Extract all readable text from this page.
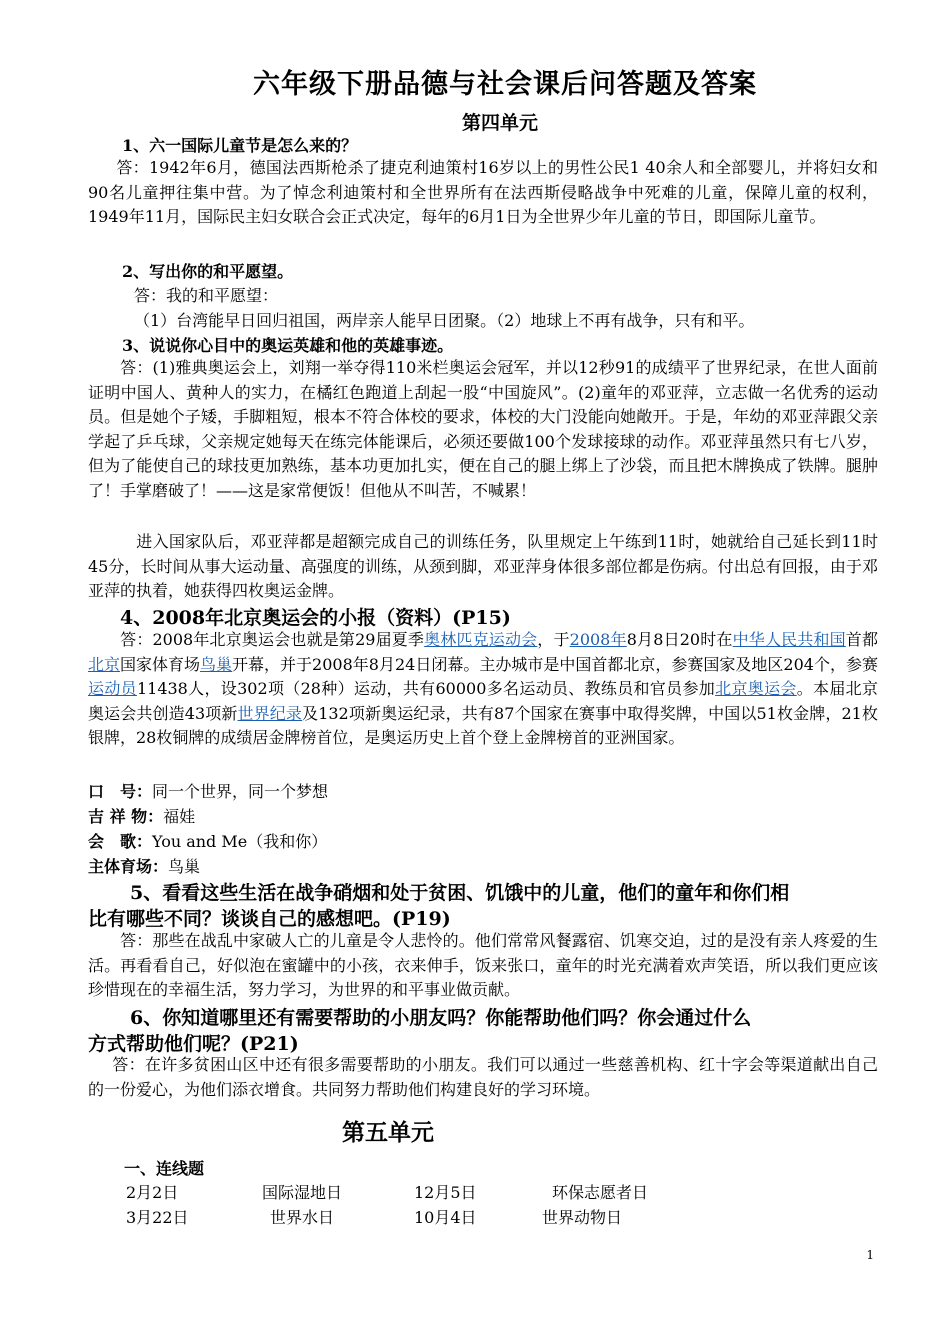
六年级下册品德与社会课后问答题及答案
第四单元
1、六一国际儿童节是怎么来的？
答：1942年6月，德国法西斯枪杀了捷克利迪策村16岁以上的男性公民1 40余人和全部婴儿，并将妇女和90名儿童押往集中营。为了悼念利迪策村和全世界所有在法西斯侵略战争中死难的儿童，保障儿童的权利，1949年11月，国际民主妇女联合会正式决定，每年的6月1日为全世界少年儿童的节日，即国际儿童节。
2、写出你的和平愿望。
答：我的和平愿望：
（1）台湾能早日回归祖国，两岸亲人能早日团聚。（2）地球上不再有战争，只有和平。
3、说说你心目中的奥运英雄和他的英雄事迹。
答：(1)雅典奥运会上，刘翔一举夺得110米栏奥运会冠军，并以12秒91的成绩平了世界纪录，在世人面前证明中国人、黄种人的实力，在橘红色跑道上刮起一股“中国旋风”。(2)童年的邓亚萍，立志做一名优秀的运动员。但是她个子矮，手脚粗短，根本不符合体校的要求，体校的大门没能向她敞开。于是，年幼的邓亚萍跟父亲学起了乒乓球，父亲规定她每天在练完体能课后，必须还要做100个发球接球的动作。邓亚萍虽然只有七八岁，但为了能使自己的球技更加熟练，基本功更加扎实，便在自己的腿上绑上了沙袋，而且把木牌换成了铁牌。腿肿了！手掌磨破了！——这是家常便饭！但他从不叫苦，不喊累！
进入国家队后，邓亚萍都是超额完成自己的训练任务，队里规定上午练到11时，她就给自己延长到11时45分，长时间从事大运动量、高强度的训练，从颈到脚，邓亚萍身体很多部位都是伤病。付出总有回报，由于邓亚萍的执着，她获得四枚奥运金牌。
4、2008年北京奥运会的小报（资料）(P15)
答：2008年北京奥运会也就是第29届夏季奥林匹克运动会，于2008年8月8日20时在中华人民共和国首都北京国家体育场鸟巢开幕，并于2008年8月24日闭幕。主办城市是中国首都北京，参赛国家及地区204个，参赛运动员11438人，设302项（28种）运动，共有60000多名运动员、教练员和官员参加北京奥运会。本届北京奥运会共创造43项新世界纪录及132项新奥运纪录，共有87个国家在赛事中取得奖牌，中国以51枚金牌，21枚银牌，28枚铜牌的成绩居金牌榜首位，是奥运历史上首个登上金牌榜首的亚洲国家。
口　号：同一个世界，同一个梦想
吉 祥 物：福娃
会　歌：You and Me（我和你）
主体育场：鸟巢
5、看看这些生活在战争硝烟和处于贫困、饥饿中的儿童，他们的童年和你们相
比有哪些不同？谈谈自己的感想吧。(P19)
答：那些在战乱中家破人亡的儿童是令人悲怜的。他们常常风餐露宿、饥寒交迫，过的是没有亲人疼爱的生活。再看看自己，好似泡在蜜罐中的小孩，衣来伸手，饭来张口，童年的时光充满着欢声笑语，所以我们更应该珍惜现在的幸福生活，努力学习，为世界的和平事业做贡献。
6、你知道哪里还有需要帮助的小朋友吗？你能帮助他们吗？你会通过什么
方式帮助他们呢？(P21)
答：在许多贫困山区中还有很多需要帮助的小朋友。我们可以通过一些慈善机构、红十字会等渠道献出自己的一份爱心，为他们添衣增食。共同努力帮助他们构建良好的学习环境。
第五单元
一、连线题
2月2日	国际湿地日	12月5日	环保志愿者日
3月22日	世界水日	10月4日	世界动物日
1
